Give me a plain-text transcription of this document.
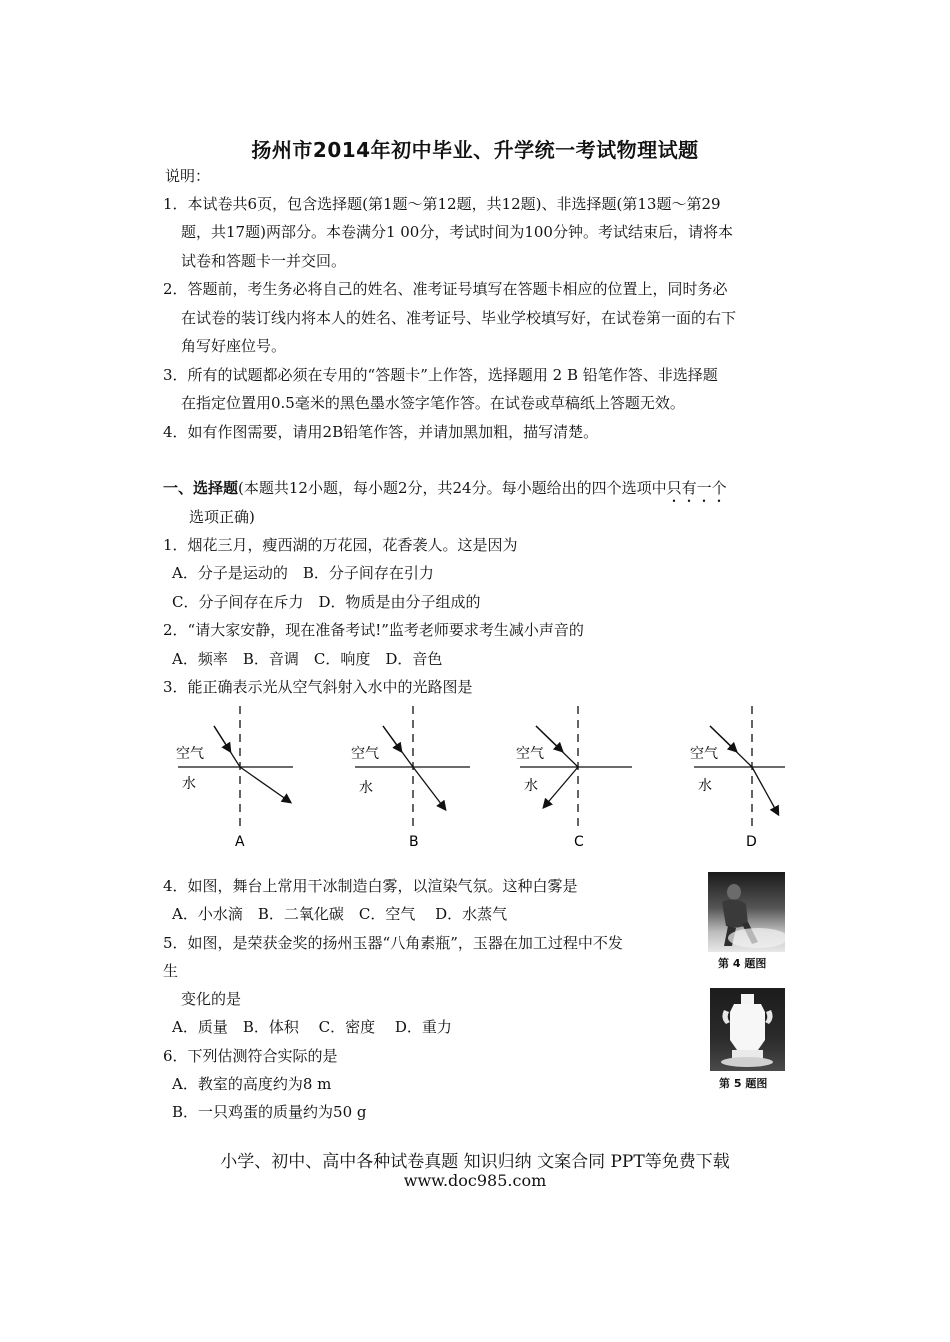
扬州市2014年初中毕业、升学统一考试物理试题
说明：
1．本试卷共6页，包含选择题(第1题～第12题，共12题)、非选择题(第13题～第29
题，共17题)两部分。本卷满分1 00分，考试时间为100分钟。考试结束后，请将本
试卷和答题卡一并交回。
2．答题前，考生务必将自己的姓名、准考证号填写在答题卡相应的位置上，同时务必
在试卷的装订线内将本人的姓名、准考证号、毕业学校填写好，在试卷第一面的右下
角写好座位号。
3．所有的试题都必须在专用的“答题卡”上作答，选择题用 2 B 铅笔作答、非选择题
在指定位置用0.5毫米的黑色墨水签字笔作答。在试卷或草稿纸上答题无效。
4．如有作图需要，请用2B铅笔作答，并请加黑加粗，描写清楚。
一、选择题(本题共12小题，每小题2分，共24分。每小题给出的四个选项中只有一个
选项正确)
1．烟花三月，瘦西湖的万花园，花香袭人。这是因为
A．分子是运动的　B．分子间存在引力
C．分子间存在斥力　D．物质是由分子组成的
2．“请大家安静，现在准备考试!”监考老师要求考生减小声音的
A．频率　B．音调　C．响度　D．音色
3．能正确表示光从空气斜射入水中的光路图是
空气
水
A
空气
水
B
空气
水
C
空气
水
D
4．如图，舞台上常用干冰制造白雾，以渲染气氛。这种白雾是
A．小水滴　B．二氧化碳　C．空气　 D．水蒸气
第 4 题图
5．如图，是荣获金奖的扬州玉器“八角素瓶”，玉器在加工过程中不发
生
变化的是
A．质量　B．体积　 C．密度　 D．重力
第 5 题图
6．下列估测符合实际的是
A．教室的高度约为8 m
B．一只鸡蛋的质量约为50 g
小学、初中、高中各种试卷真题 知识归纳 文案合同 PPT等免费下载
www.doc985.com
